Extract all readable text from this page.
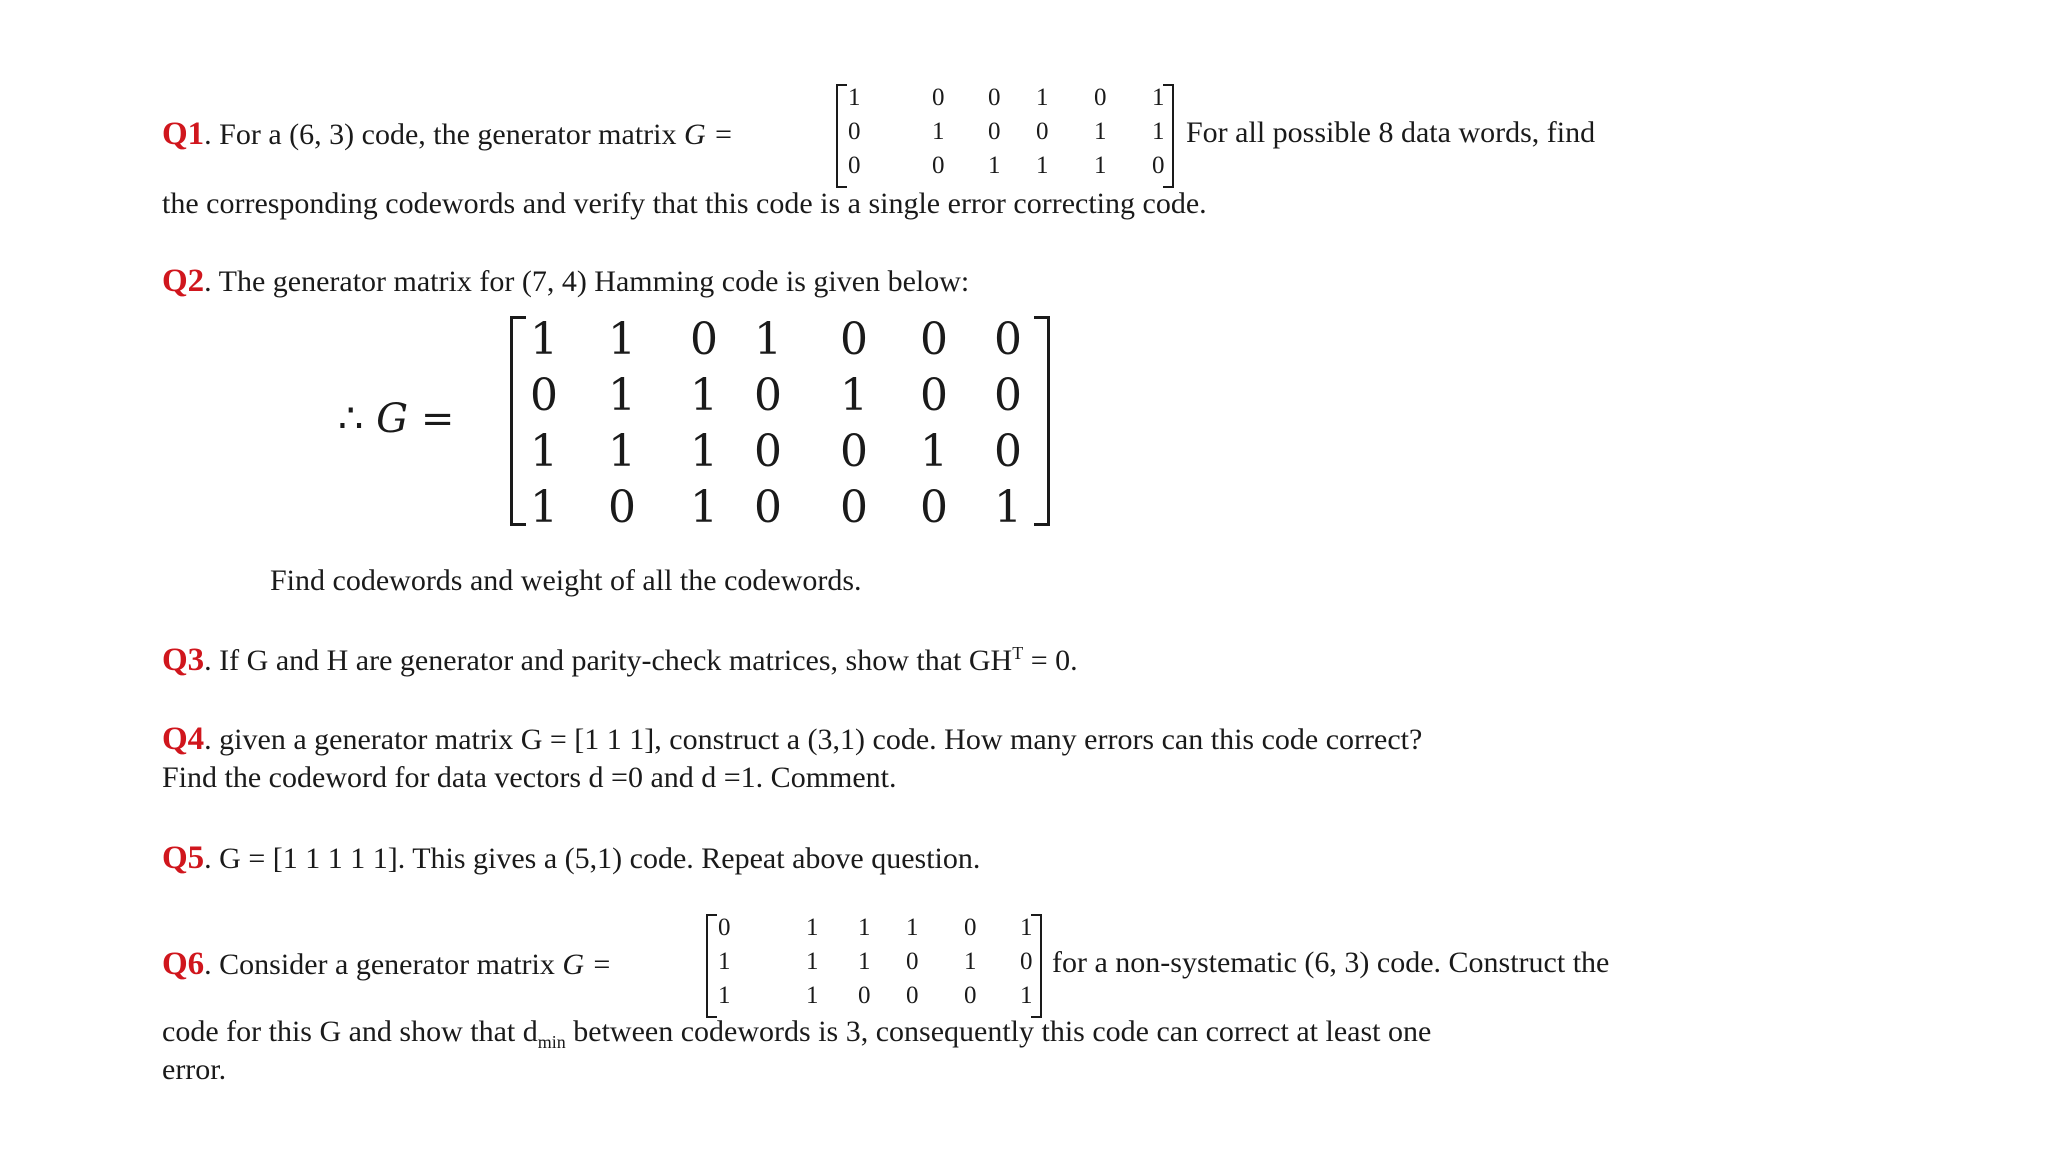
Q1. For a (6, 3) code, the generator matrix G =
1	0 0 1 0 1
0	1 0 0 1 1
0	0 1 1 1 0
For all possible 8 data words, find
the corresponding codewords and verify that this code is a single error correcting code.
Q2. The generator matrix for (7, 4) Hamming code is given below:
∴ G =
1 1 0 1 0 0 0
0 1 1 0 1 0 0
1 1 1 0 0 1 0
1 0 1 0 0 0 1
Find codewords and weight of all the codewords.
Q3. If G and H are generator and parity-check matrices, show that $GH^T = 0$.
Q4. given a generator matrix G = [1 1 1], construct a (3,1) code. How many errors can this code correct?
Find the codeword for data vectors d =0 and d =1. Comment.
Q5. G = [1 1 1 1 1]. This gives a (5,1) code. Repeat above question.
Q6. Consider a generator matrix G =
0	1 1 1 0 1
1	1 1 0 1 0
1	1 0 0 0 1
for a non-systematic (6, 3) code. Construct the
code for this G and show that $d_{min}$ between codewords is 3, consequently this code can correct at least one
error.
